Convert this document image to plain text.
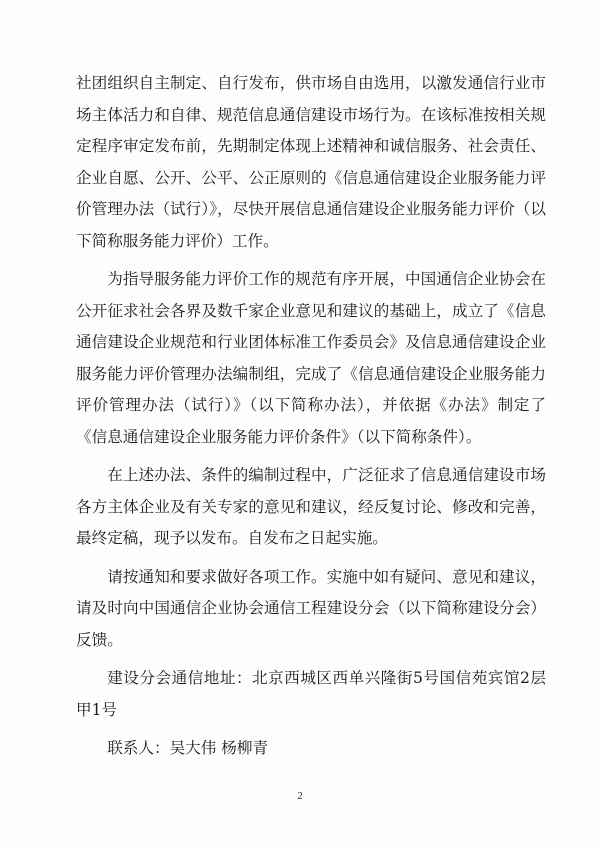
社团组织自主制定、自行发布，供市场自由选用，以激发通信行业市场主体活力和自律、规范信息通信建设市场行为。在该标准按相关规定程序审定发布前，先期制定体现上述精神和诚信服务、社会责任、企业自愿、公开、公平、公正原则的《信息通信建设企业服务能力评价管理办法（试行）》，尽快开展信息通信建设企业服务能力评价（以下简称服务能力评价）工作。

为指导服务能力评价工作的规范有序开展，中国通信企业协会在公开征求社会各界及数千家企业意见和建议的基础上，成立了《信息通信建设企业规范和行业团体标准工作委员会》及信息通信建设企业服务能力评价管理办法编制组，完成了《信息通信建设企业服务能力评价管理办法（试行）》（以下简称办法），并依据《办法》制定了《信息通信建设企业服务能力评价条件》（以下简称条件）。

在上述办法、条件的编制过程中，广泛征求了信息通信建设市场各方主体企业及有关专家的意见和建议，经反复讨论、修改和完善，最终定稿，现予以发布。自发布之日起实施。

请按通知和要求做好各项工作。实施中如有疑问、意见和建议，请及时向中国通信企业协会通信工程建设分会（以下简称建设分会）反馈。

建设分会通信地址：北京西城区西单兴隆街5号国信苑宾馆2层甲1号

联系人：吴大伟 杨柳青

2
